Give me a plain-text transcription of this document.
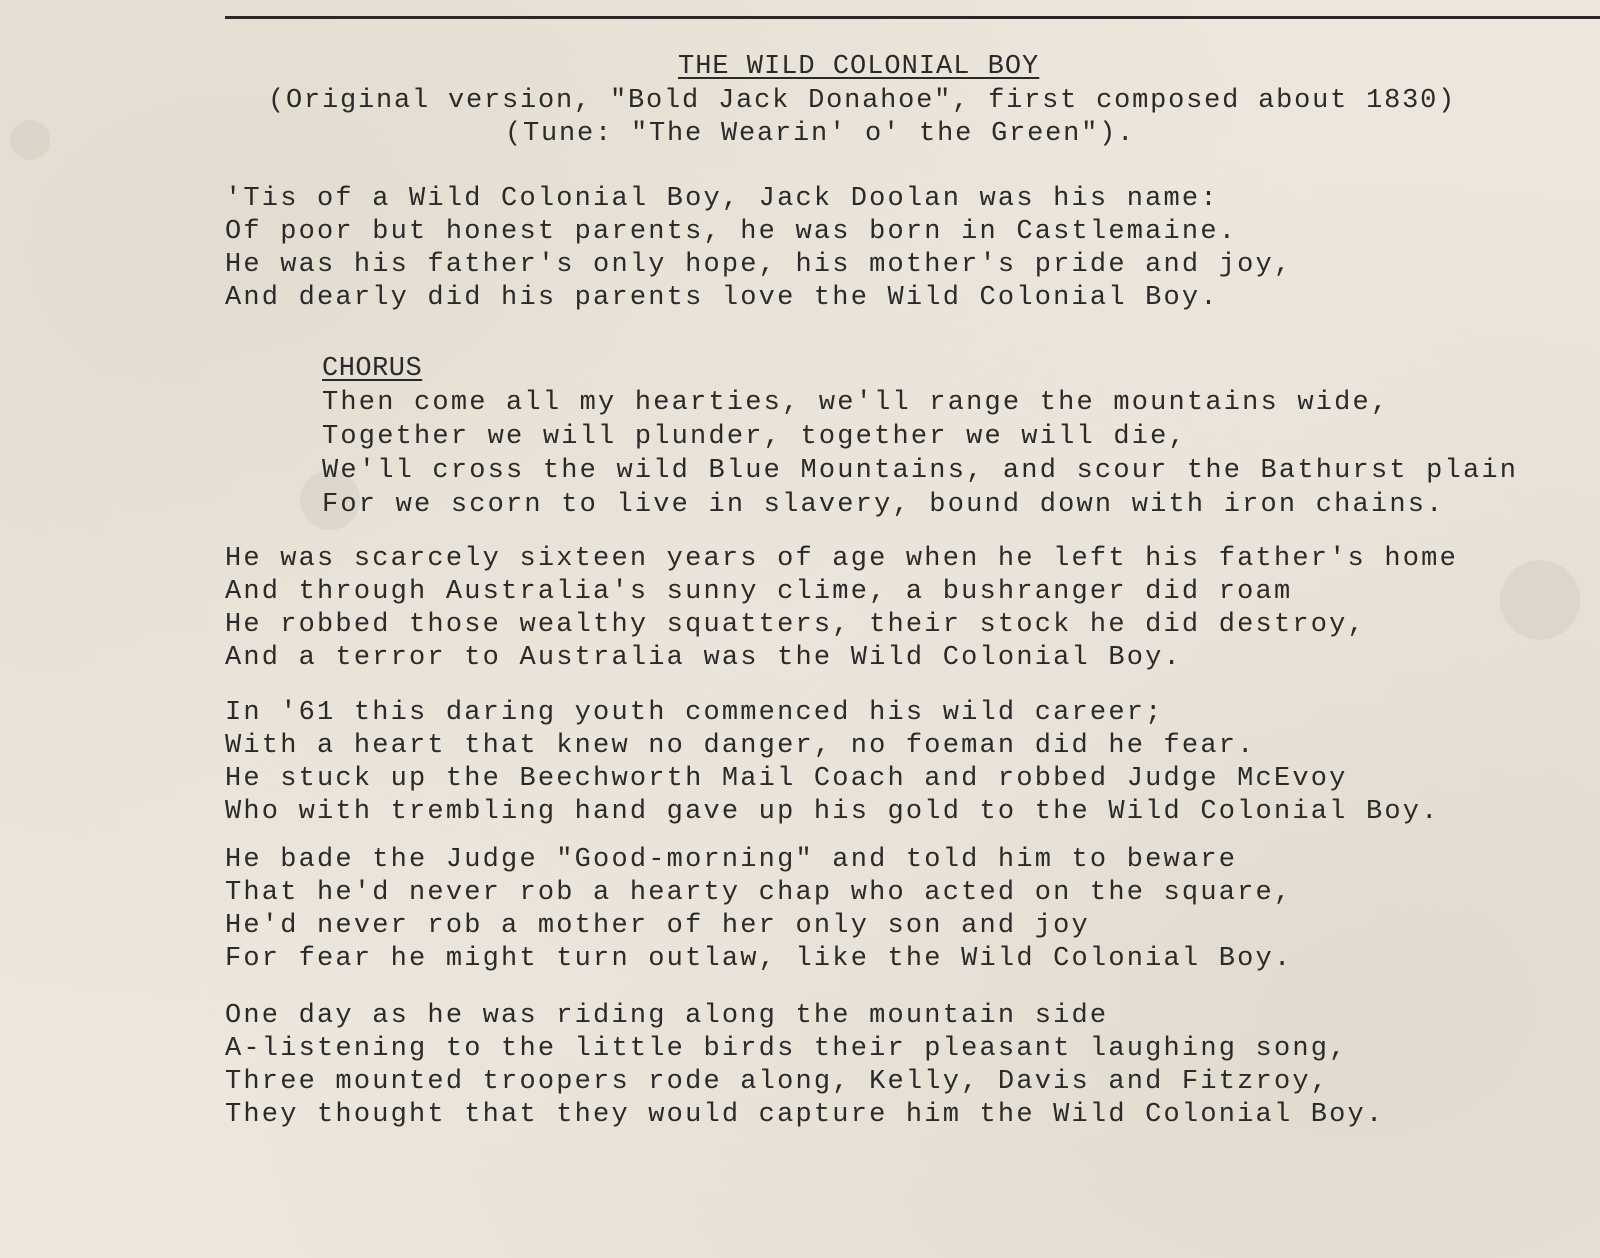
THE WILD COLONIAL BOY
(Original version, "Bold Jack Donahoe", first composed about 1830)
(Tune: "The Wearin' o' the Green").
'Tis of a Wild Colonial Boy, Jack Doolan was his name:
Of poor but honest parents, he was born in Castlemaine.
He was his father's only hope, his mother's pride and joy,
And dearly did his parents love the Wild Colonial Boy.
CHORUS
Then come all my hearties, we'll range the mountains wide,
Together we will plunder, together we will die,
We'll cross the wild Blue Mountains, and scour the Bathurst plain
For we scorn to live in slavery, bound down with iron chains.
He was scarcely sixteen years of age when he left his father's home
And through Australia's sunny clime, a bushranger did roam
He robbed those wealthy squatters, their stock he did destroy,
And a terror to Australia was the Wild Colonial Boy.
In '61 this daring youth commenced his wild career;
With a heart that knew no danger, no foeman did he fear.
He stuck up the Beechworth Mail Coach and robbed Judge McEvoy
Who with trembling hand gave up his gold to the Wild Colonial Boy.
He bade the Judge "Good-morning" and told him to beware
That he'd never rob a hearty chap who acted on the square,
He'd never rob a mother of her only son and joy
For fear he might turn outlaw, like the Wild Colonial Boy.
One day as he was riding along the mountain side
A-listening to the little birds their pleasant laughing song,
Three mounted troopers rode along, Kelly, Davis and Fitzroy,
They thought that they would capture him the Wild Colonial Boy.
